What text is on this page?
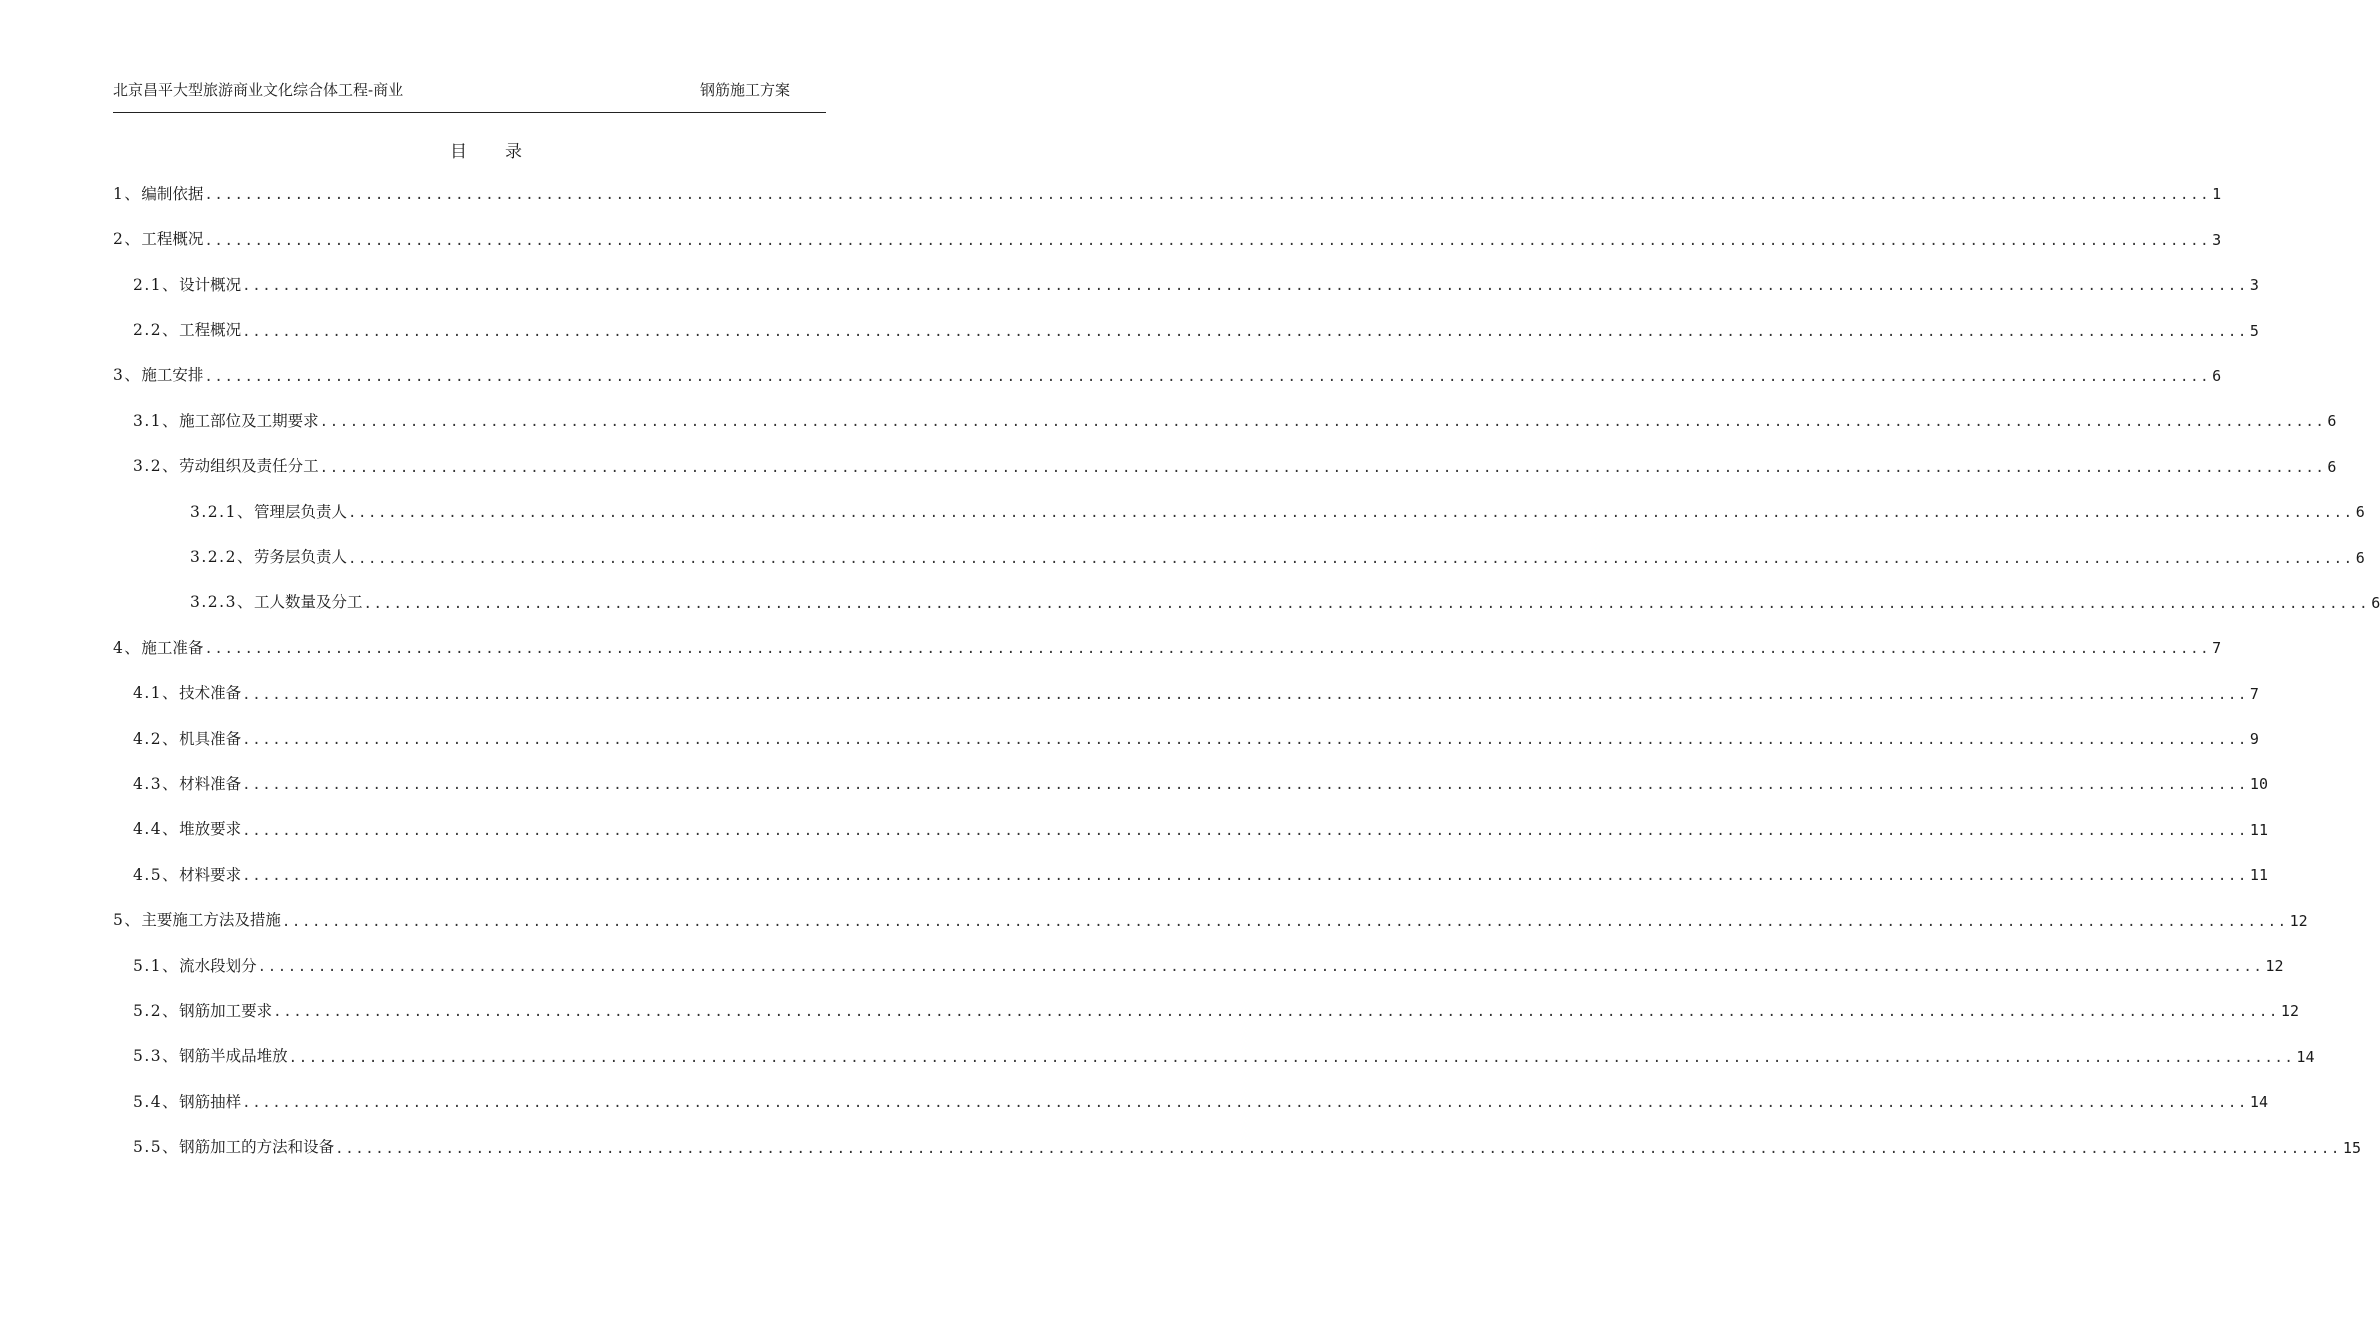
北京昌平大型旅游商业文化综合体工程-商业	钢筋施工方案
目录
1、编制依据 ........................................................................................................................................................................................................ 1
2、工程概况 ........................................................................................................................................................................................................ 3
2.1、设计概况 ........................................................................................................................................................................................................ 3
2.2、工程概况 ........................................................................................................................................................................................................ 5
3、施工安排 ........................................................................................................................................................................................................ 6
3.1、施工部位及工期要求 ........................................................................................................................................................................................................ 6
3.2、劳动组织及责任分工 ........................................................................................................................................................................................................ 6
3.2.1、管理层负责人 ........................................................................................................................................................................................................ 6
3.2.2、劳务层负责人 ........................................................................................................................................................................................................ 6
3.2.3、工人数量及分工 ........................................................................................................................................................................................................ 6
4、施工准备 ........................................................................................................................................................................................................ 7
4.1、技术准备 ........................................................................................................................................................................................................ 7
4.2、机具准备 ........................................................................................................................................................................................................ 9
4.3、材料准备 ........................................................................................................................................................................................................ 10
4.4、堆放要求 ........................................................................................................................................................................................................ 11
4.5、材料要求 ........................................................................................................................................................................................................ 11
5、主要施工方法及措施 ........................................................................................................................................................................................................ 12
5.1、流水段划分 ........................................................................................................................................................................................................ 12
5.2、钢筋加工要求 ........................................................................................................................................................................................................ 12
5.3、钢筋半成品堆放 ........................................................................................................................................................................................................ 14
5.4、钢筋抽样 ........................................................................................................................................................................................................ 14
5.5、钢筋加工的方法和设备 ........................................................................................................................................................................................................ 15
